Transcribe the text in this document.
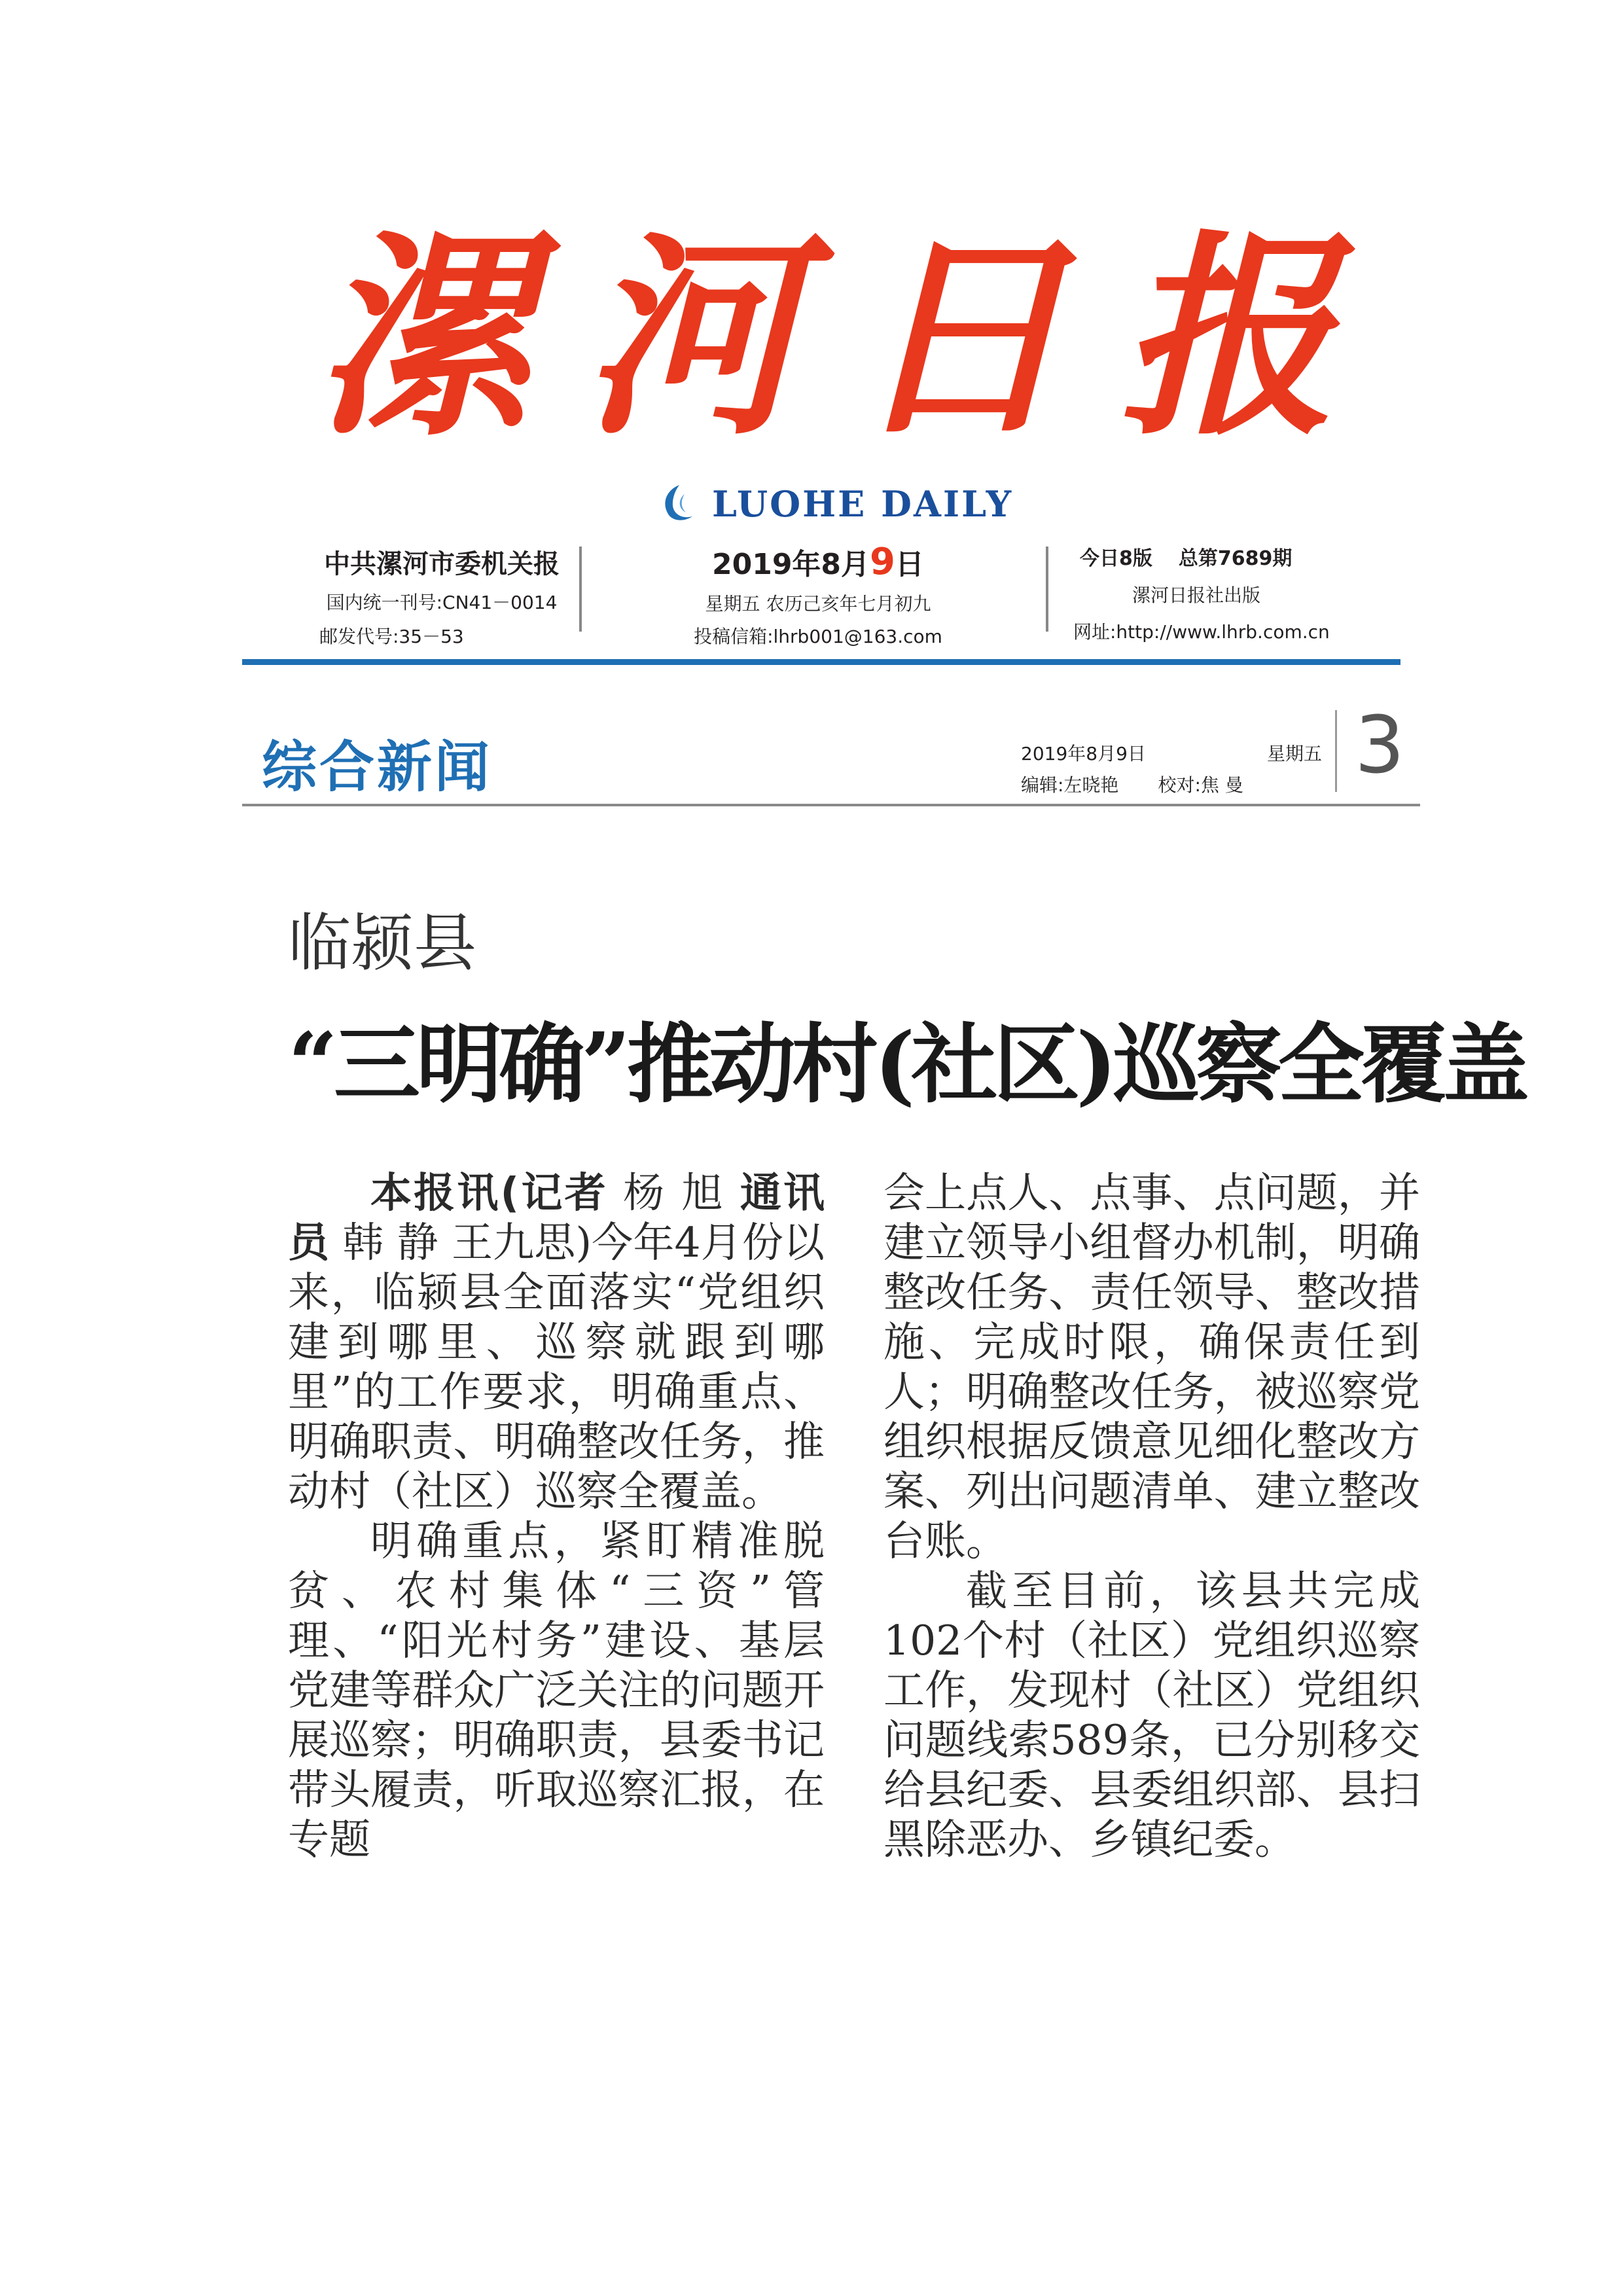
漯 河 日 报
LUOHE DAILY
中共漯河市委机关报
国内统一刊号:CN41－0014
邮发代号:35－53
2019年8月9日
星期五 农历己亥年七月初九
投稿信箱:lhrb001@163.com
今日8版 总第7689期
漯河日报社出版
网址:http://www.lhrb.com.cn
综合新闻	2019年8月9日	星期五
编辑:左晓艳 校对:焦 曼 3
临颍县
“三明确”推动村(社区)巡察全覆盖

本报讯(记者 杨 旭 通讯员 韩 静 王九思)今年4月份以来，临颍县全面落实“党组织建到哪里、巡察就跟到哪里”的工作要求，明确重点、明确职责、明确整改任务，推动村（社区）巡察全覆盖。

明确重点，紧盯精准脱贫、农村集体“三资”管理、“阳光村务”建设、基层党建等群众广泛关注的问题开展巡察；明确职责，县委书记带头履责，听取巡察汇报，在专题

会上点人、点事、点问题，并建立领导小组督办机制，明确整改任务、责任领导、整改措施、完成时限，确保责任到人；明确整改任务，被巡察党组织根据反馈意见细化整改方案、列出问题清单、建立整改台账。

截至目前，该县共完成102个村（社区）党组织巡察工作，发现村（社区）党组织问题线索589条，已分别移交给县纪委、县委组织部、县扫黑除恶办、乡镇纪委。
